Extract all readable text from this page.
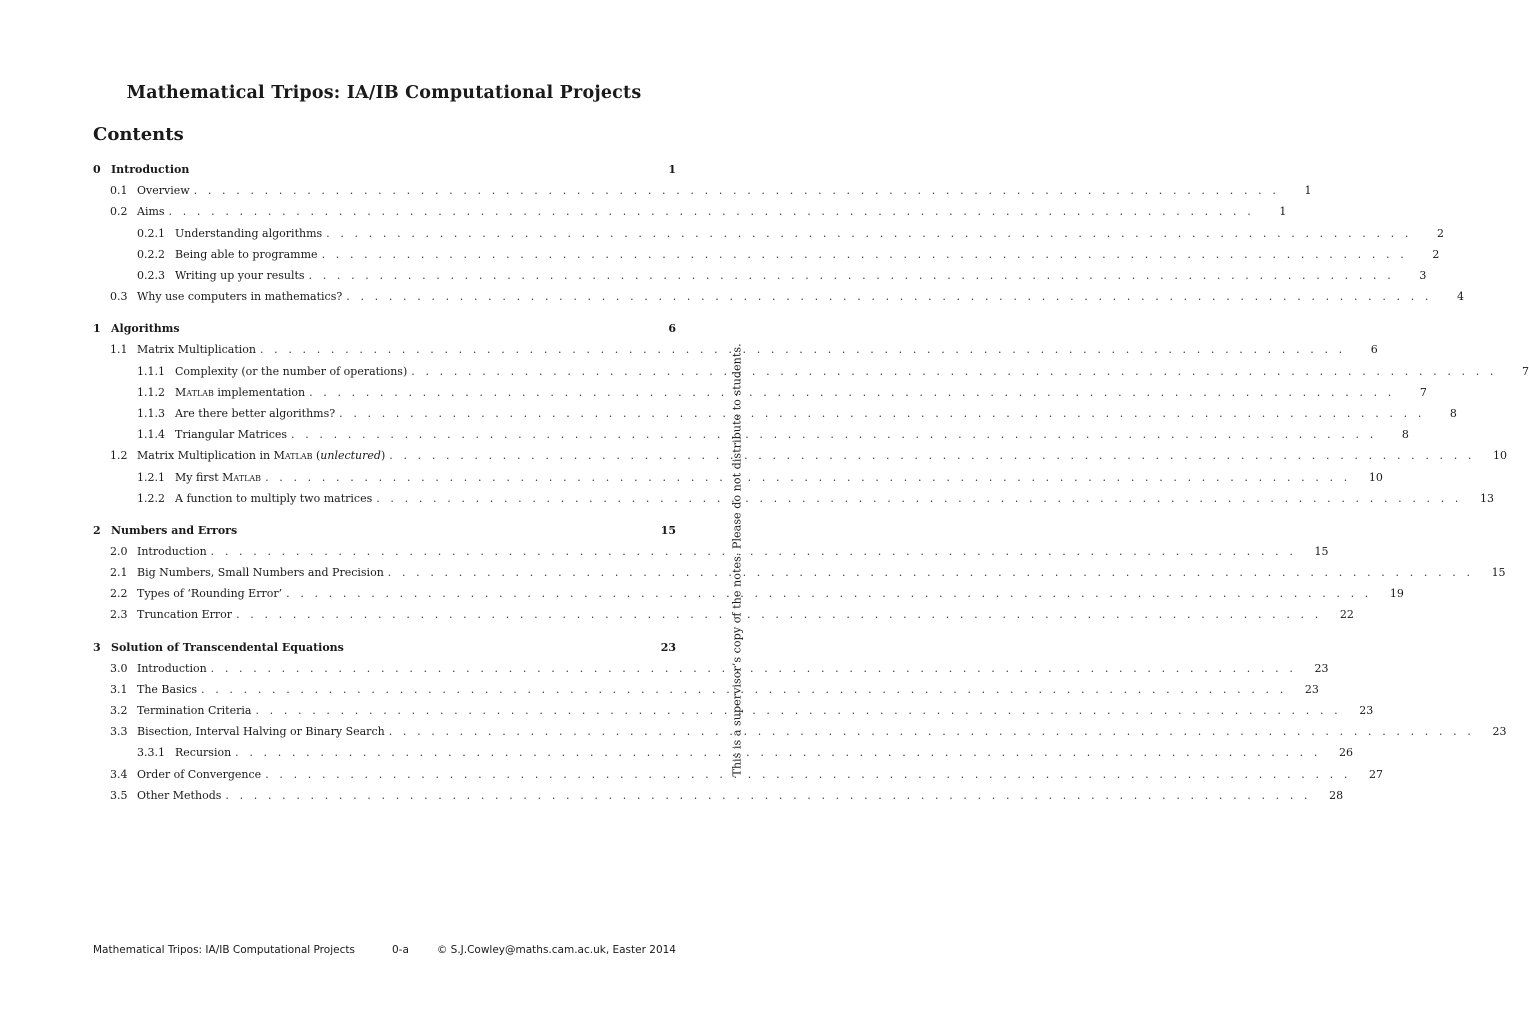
Mathematical Tripos: IA/IB Computational Projects
Contents
0 Introduction	1
0.1 Overview . . . . . . . . . . . . . . . . . . . . . . . . . . . . . . . . . . . . . . . . . . . . . . . . . . . . . . . . . . . . . . . . . . . . . . . . . . . . .	1
0.2 Aims . . . . . . . . . . . . . . . . . . . . . . . . . . . . . . . . . . . . . . . . . . . . . . . . . . . . . . . . . . . . . . . . . . . . . . . . . . . . .	1
0.2.1 Understanding algorithms . . . . . . . . . . . . . . . . . . . . . . . . . . . . . . . . . . . . . . . . . . . . . . . . . . . . . . . . . . . . . . . . . . . . . . . . . . . . .	2
0.2.2 Being able to programme . . . . . . . . . . . . . . . . . . . . . . . . . . . . . . . . . . . . . . . . . . . . . . . . . . . . . . . . . . . . . . . . . . . . . . . . . . . . .	2
0.2.3 Writing up your results . . . . . . . . . . . . . . . . . . . . . . . . . . . . . . . . . . . . . . . . . . . . . . . . . . . . . . . . . . . . . . . . . . . . . . . . . . . . .	3
0.3 Why use computers in mathematics? . . . . . . . . . . . . . . . . . . . . . . . . . . . . . . . . . . . . . . . . . . . . . . . . . . . . . . . . . . . . . . . . . . . . . . . . . . . . .	4
1 Algorithms	6
1.1 Matrix Multiplication . . . . . . . . . . . . . . . . . . . . . . . . . . . . . . . . . . . . . . . . . . . . . . . . . . . . . . . . . . . . . . . . . . . . . . . . . . . . .	6
1.1.1 Complexity (or the number of operations) . . . . . . . . . . . . . . . . . . . . . . . . . . . . . . . . . . . . . . . . . . . . . . . . . . . . . . . . . . . . . . . . . . . . . . . . . . . . .	7
1.1.2 Matlab implementation . . . . . . . . . . . . . . . . . . . . . . . . . . . . . . . . . . . . . . . . . . . . . . . . . . . . . . . . . . . . . . . . . . . . . . . . . . . . .	7
1.1.3 Are there better algorithms? . . . . . . . . . . . . . . . . . . . . . . . . . . . . . . . . . . . . . . . . . . . . . . . . . . . . . . . . . . . . . . . . . . . . . . . . . . . . .	8
1.1.4 Triangular Matrices . . . . . . . . . . . . . . . . . . . . . . . . . . . . . . . . . . . . . . . . . . . . . . . . . . . . . . . . . . . . . . . . . . . . . . . . . . . . .	8
1.2 Matrix Multiplication in Matlab (unlectured) . . . . . . . . . . . . . . . . . . . . . . . . . . . . . . . . . . . . . . . . . . . . . . . . . . . . . . . . . . . . . . . . . . . . . . . . . . . . .	10
1.2.1 My first Matlab . . . . . . . . . . . . . . . . . . . . . . . . . . . . . . . . . . . . . . . . . . . . . . . . . . . . . . . . . . . . . . . . . . . . . . . . . . . . .	10
1.2.2 A function to multiply two matrices . . . . . . . . . . . . . . . . . . . . . . . . . . . . . . . . . . . . . . . . . . . . . . . . . . . . . . . . . . . . . . . . . . . . . . . . . . . . .	13
2 Numbers and Errors	15
2.0 Introduction . . . . . . . . . . . . . . . . . . . . . . . . . . . . . . . . . . . . . . . . . . . . . . . . . . . . . . . . . . . . . . . . . . . . . . . . . . . . .	15
2.1 Big Numbers, Small Numbers and Precision . . . . . . . . . . . . . . . . . . . . . . . . . . . . . . . . . . . . . . . . . . . . . . . . . . . . . . . . . . . . . . . . . . . . . . . . . . . . .	15
2.2 Types of ‘Rounding Error’ . . . . . . . . . . . . . . . . . . . . . . . . . . . . . . . . . . . . . . . . . . . . . . . . . . . . . . . . . . . . . . . . . . . . . . . . . . . . .	19
2.3 Truncation Error . . . . . . . . . . . . . . . . . . . . . . . . . . . . . . . . . . . . . . . . . . . . . . . . . . . . . . . . . . . . . . . . . . . . . . . . . . . . .	22
3 Solution of Transcendental Equations	23
3.0 Introduction . . . . . . . . . . . . . . . . . . . . . . . . . . . . . . . . . . . . . . . . . . . . . . . . . . . . . . . . . . . . . . . . . . . . . . . . . . . . .	23
3.1 The Basics . . . . . . . . . . . . . . . . . . . . . . . . . . . . . . . . . . . . . . . . . . . . . . . . . . . . . . . . . . . . . . . . . . . . . . . . . . . . .	23
3.2 Termination Criteria . . . . . . . . . . . . . . . . . . . . . . . . . . . . . . . . . . . . . . . . . . . . . . . . . . . . . . . . . . . . . . . . . . . . . . . . . . . . .	23
3.3 Bisection, Interval Halving or Binary Search . . . . . . . . . . . . . . . . . . . . . . . . . . . . . . . . . . . . . . . . . . . . . . . . . . . . . . . . . . . . . . . . . . . . . . . . . . . . .	23
3.3.1 Recursion . . . . . . . . . . . . . . . . . . . . . . . . . . . . . . . . . . . . . . . . . . . . . . . . . . . . . . . . . . . . . . . . . . . . . . . . . . . . .	26
3.4 Order of Convergence . . . . . . . . . . . . . . . . . . . . . . . . . . . . . . . . . . . . . . . . . . . . . . . . . . . . . . . . . . . . . . . . . . . . . . . . . . . . .	27
3.5 Other Methods . . . . . . . . . . . . . . . . . . . . . . . . . . . . . . . . . . . . . . . . . . . . . . . . . . . . . . . . . . . . . . . . . . . . . . . . . . . . .	28
This is a supervisor’s copy of the notes. Please do not distribute to students.
Mathematical Tripos: IA/IB Computational Projects	0-a	© S.J.Cowley@maths.cam.ac.uk, Easter 2014
